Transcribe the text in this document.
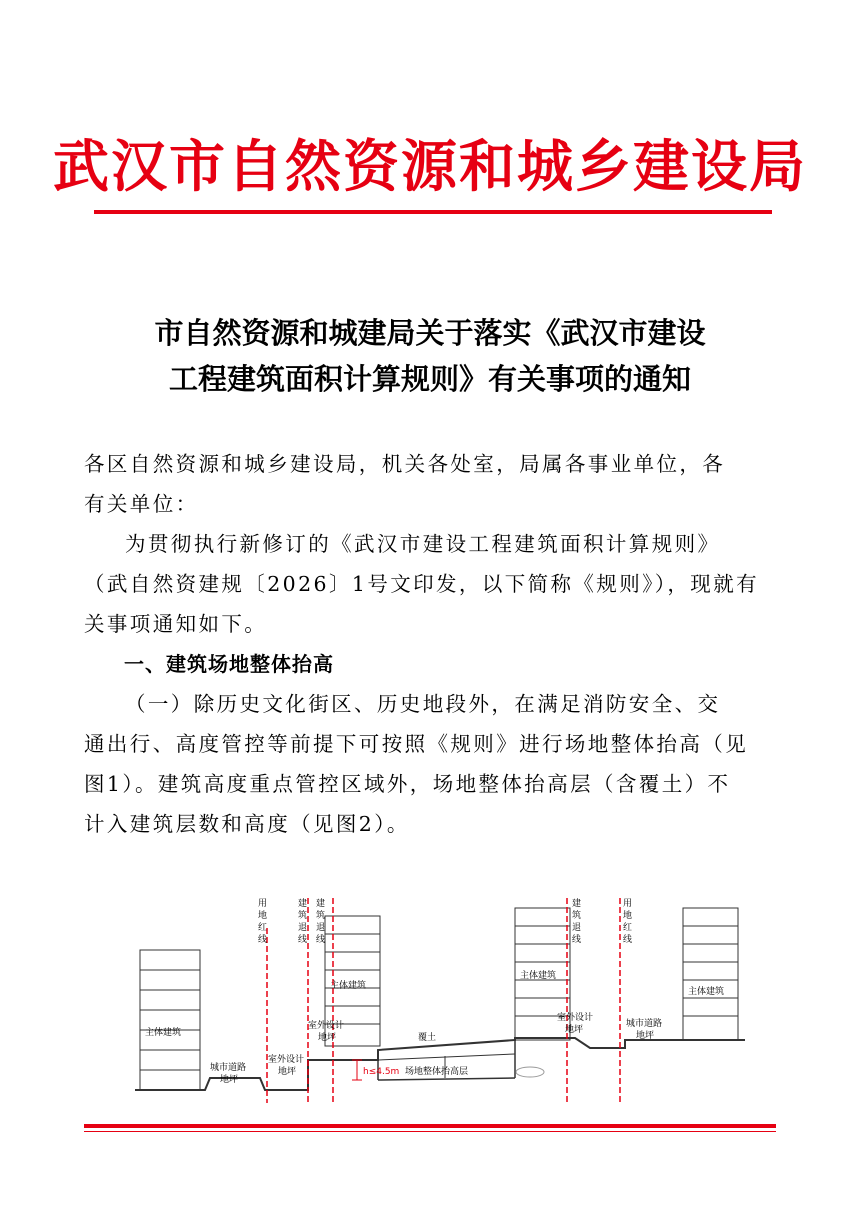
武汉市自然资源和城乡建设局
市自然资源和城建局关于落实《武汉市建设
工程建筑面积计算规则》有关事项的通知
各区自然资源和城乡建设局，机关各处室，局属各事业单位，各
有关单位：
为贯彻执行新修订的《武汉市建设工程建筑面积计算规则》
（武自然资建规〔2026〕1号文印发，以下简称《规则》），现就有
关事项通知如下。
一、建筑场地整体抬高
（一）除历史文化街区、历史地段外，在满足消防安全、交
通出行、高度管控等前提下可按照《规则》进行场地整体抬高（见
图1）。建筑高度重点管控区域外，场地整体抬高层（含覆土）不
计入建筑层数和高度（见图2）。
用
地
红
线
建
筑
退
线
建
筑
退
线
建
筑
退
线
用
地
红
线
主体建筑
主体建筑
主体建筑
主体建筑
城市道路
地坪
室外设计
地坪
室外设计
地坪
室外设计
地坪
城市道路
地坪
覆土
h≤4.5m 场地整体抬高层
